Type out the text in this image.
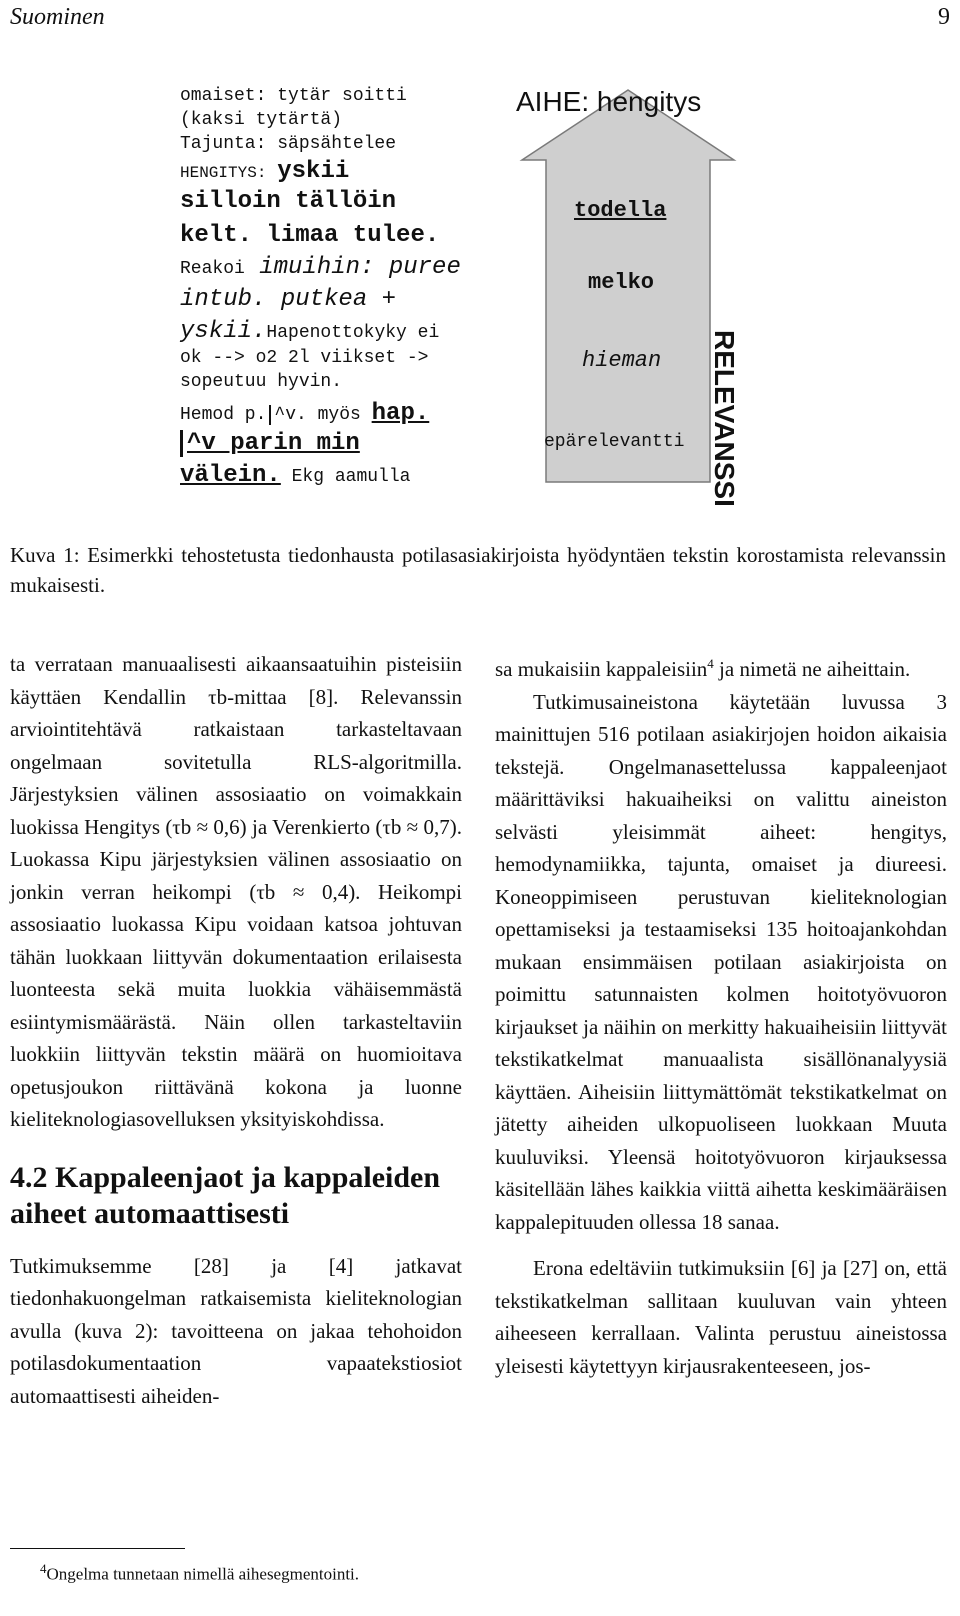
Suominen	9
omaiset: tytär soitti
(kaksi tytärtä)
Tajunta: säpsähtelee
HENGITYS: yskii
silloin tällöin
kelt. limaa tulee.
Reakoi imuihin: puree
intub. putkea +
yskii.Hapenottokyky ei
ok --> o2 2l viikset ->
sopeutuu hyvin.
Hemod p. ^v. myös hap.
^v parin min
välein. Ekg aamulla
AIHE: hengitys
todella
melko
hieman
epärelevantti RELEVANSSI
Kuva 1: Esimerkki tehostetusta tiedonhausta potilasasiakirjoista hyödyntäen tekstin korostamista relevanssin mukaisesti.

ta verrataan manuaalisesti aikaansaatuihin pisteisiin käyttäen Kendallin τb-mittaa [8]. Relevanssin arviointitehtävä ratkaistaan tarkasteltavaan ongelmaan sovitetulla RLS-algoritmilla. Järjestyksien välinen assosiaatio on voimakkain luokissa Hengitys (τb ≈ 0,6) ja Verenkierto (τb ≈ 0,7). Luokassa Kipu järjestyksien välinen assosiaatio on jonkin verran heikompi (τb ≈ 0,4). Heikompi assosiaatio luokassa Kipu voidaan katsoa johtuvan tähän luokkaan liittyvän dokumentaation erilaisesta luonteesta sekä muita luokkia vähäisemmästä esiintymismäärästä. Näin ollen tarkasteltaviin luokkiin liittyvän tekstin määrä on huomioitava opetusjoukon riittävänä kokona ja luonne kieliteknologiasovelluksen yksityiskohdissa.

4.2 Kappaleenjaot ja kappaleiden aiheet automaattisesti

Tutkimuksemme [28] ja [4] jatkavat tiedonhakuongelman ratkaisemista kieliteknologian avulla (kuva 2): tavoitteena on jakaa tehohoidon potilasdokumentaation vapaatekstiosiot automaattisesti aiheiden-

sa mukaisiin kappaleisiin$^4$ ja nimetä ne aiheittain.

Tutkimusaineistona käytetään luvussa 3 mainittujen 516 potilaan asiakirjojen hoidon aikaisia tekstejä. Ongelmanasettelussa kappaleenjaot määrittäviksi hakuaiheiksi on valittu aineiston selvästi yleisimmät aiheet: hengitys, hemodynamiikka, tajunta, omaiset ja diureesi. Koneoppimiseen perustuvan kieliteknologian opettamiseksi ja testaamiseksi 135 hoitoajankohdan mukaan ensimmäisen potilaan asiakirjoista on poimittu satunnaisten kolmen hoitotyövuoron kirjaukset ja näihin on merkitty hakuaiheisiin liittyvät tekstikatkelmat manuaalista sisällönanalyysiä käyttäen. Aiheisiin liittymättömät tekstikatkelmat on jätetty aiheiden ulkopuoliseen luokkaan Muuta kuuluviksi. Yleensä hoitotyövuoron kirjauksessa käsitellään lähes kaikkia viittä aihetta keskimääräisen kappalepituuden ollessa 18 sanaa.

Erona edeltäviin tutkimuksiin [6] ja [27] on, että tekstikatkelman sallitaan kuuluvan vain yhteen aiheeseen kerrallaan. Valinta perustuu aineistossa yleisesti käytettyyn kirjausrakenteeseen, jos-

$^4$Ongelma tunnetaan nimellä aihesegmentointi.
